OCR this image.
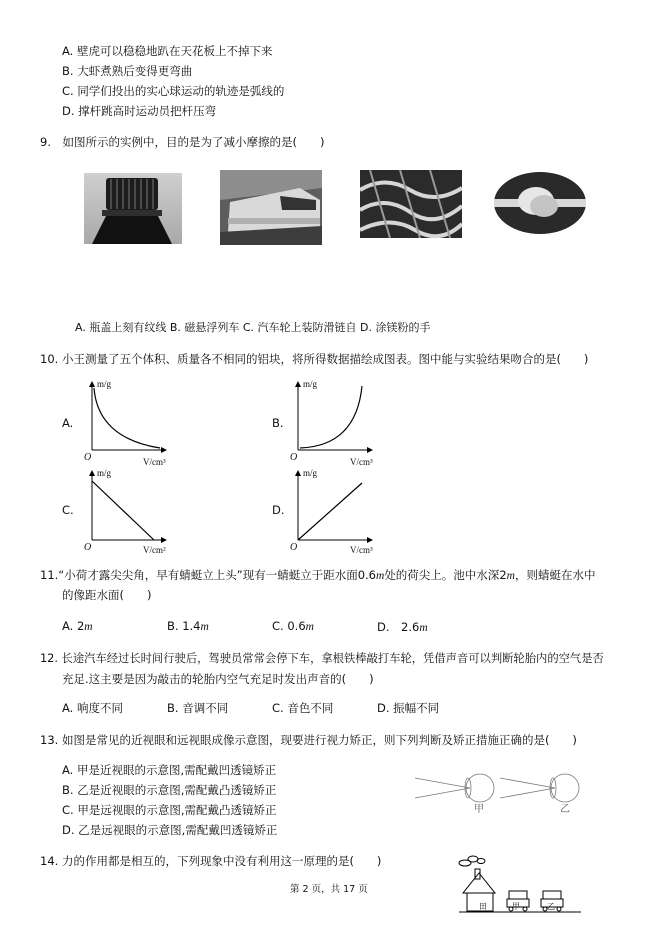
A. 壁虎可以稳稳地趴在天花板上不掉下来
B. 大虾煮熟后变得更弯曲
C. 同学们投出的实心球运动的轨迹是弧线的
D. 撑杆跳高时运动员把杆压弯
9.　如图所示的实例中，目的是为了减小摩擦的是(　　)
A. 瓶盖上刻有纹线 B. 磁悬浮列车 C. 汽车轮上装防滑链自 D. 涂镁粉的手
10. 小王测量了五个体积、质量各不相同的铝块，将所得数据描绘成图表。图中能与实验结果吻合的是(　　)
A.
m/g
V/cm³
O
B.
m/g
V/cm³
O
C.
m/g
V/cm²
O
D.
m/g
V/cm³
O
11.“小荷才露尖尖角，早有蜻蜓立上头”现有一蜻蜓立于距水面0.6m处的荷尖上。池中水深2m，则蜻蜓在水中
的像距水面(　　)
A. 2m	B. 1.4m	C. 0.6m	D.　2.6m
12. 长途汽车经过长时间行驶后，驾驶员常常会停下车，拿根铁棒敲打车轮，凭借声音可以判断轮胎内的空气是否
充足.这主要是因为敲击的轮胎内空气充足时发出声音的(　　)
A. 响度不同	B. 音调不同	C. 音色不同	D. 振幅不同
13. 如图是常见的近视眼和远视眼成像示意图，现要进行视力矫正，则下列判断及矫正措施正确的是(　　)
A. 甲是近视眼的示意图,需配戴凹透镜矫正
B. 乙是近视眼的示意图,需配戴凸透镜矫正
C. 甲是远视眼的示意图,需配戴凸透镜矫正
D. 乙是远视眼的示意图,需配戴凹透镜矫正
甲	乙
14. 力的作用都是相互的，下列现象中没有利用这一原理的是(　　)
田	甲	乙
第 2 页，共 17 页
